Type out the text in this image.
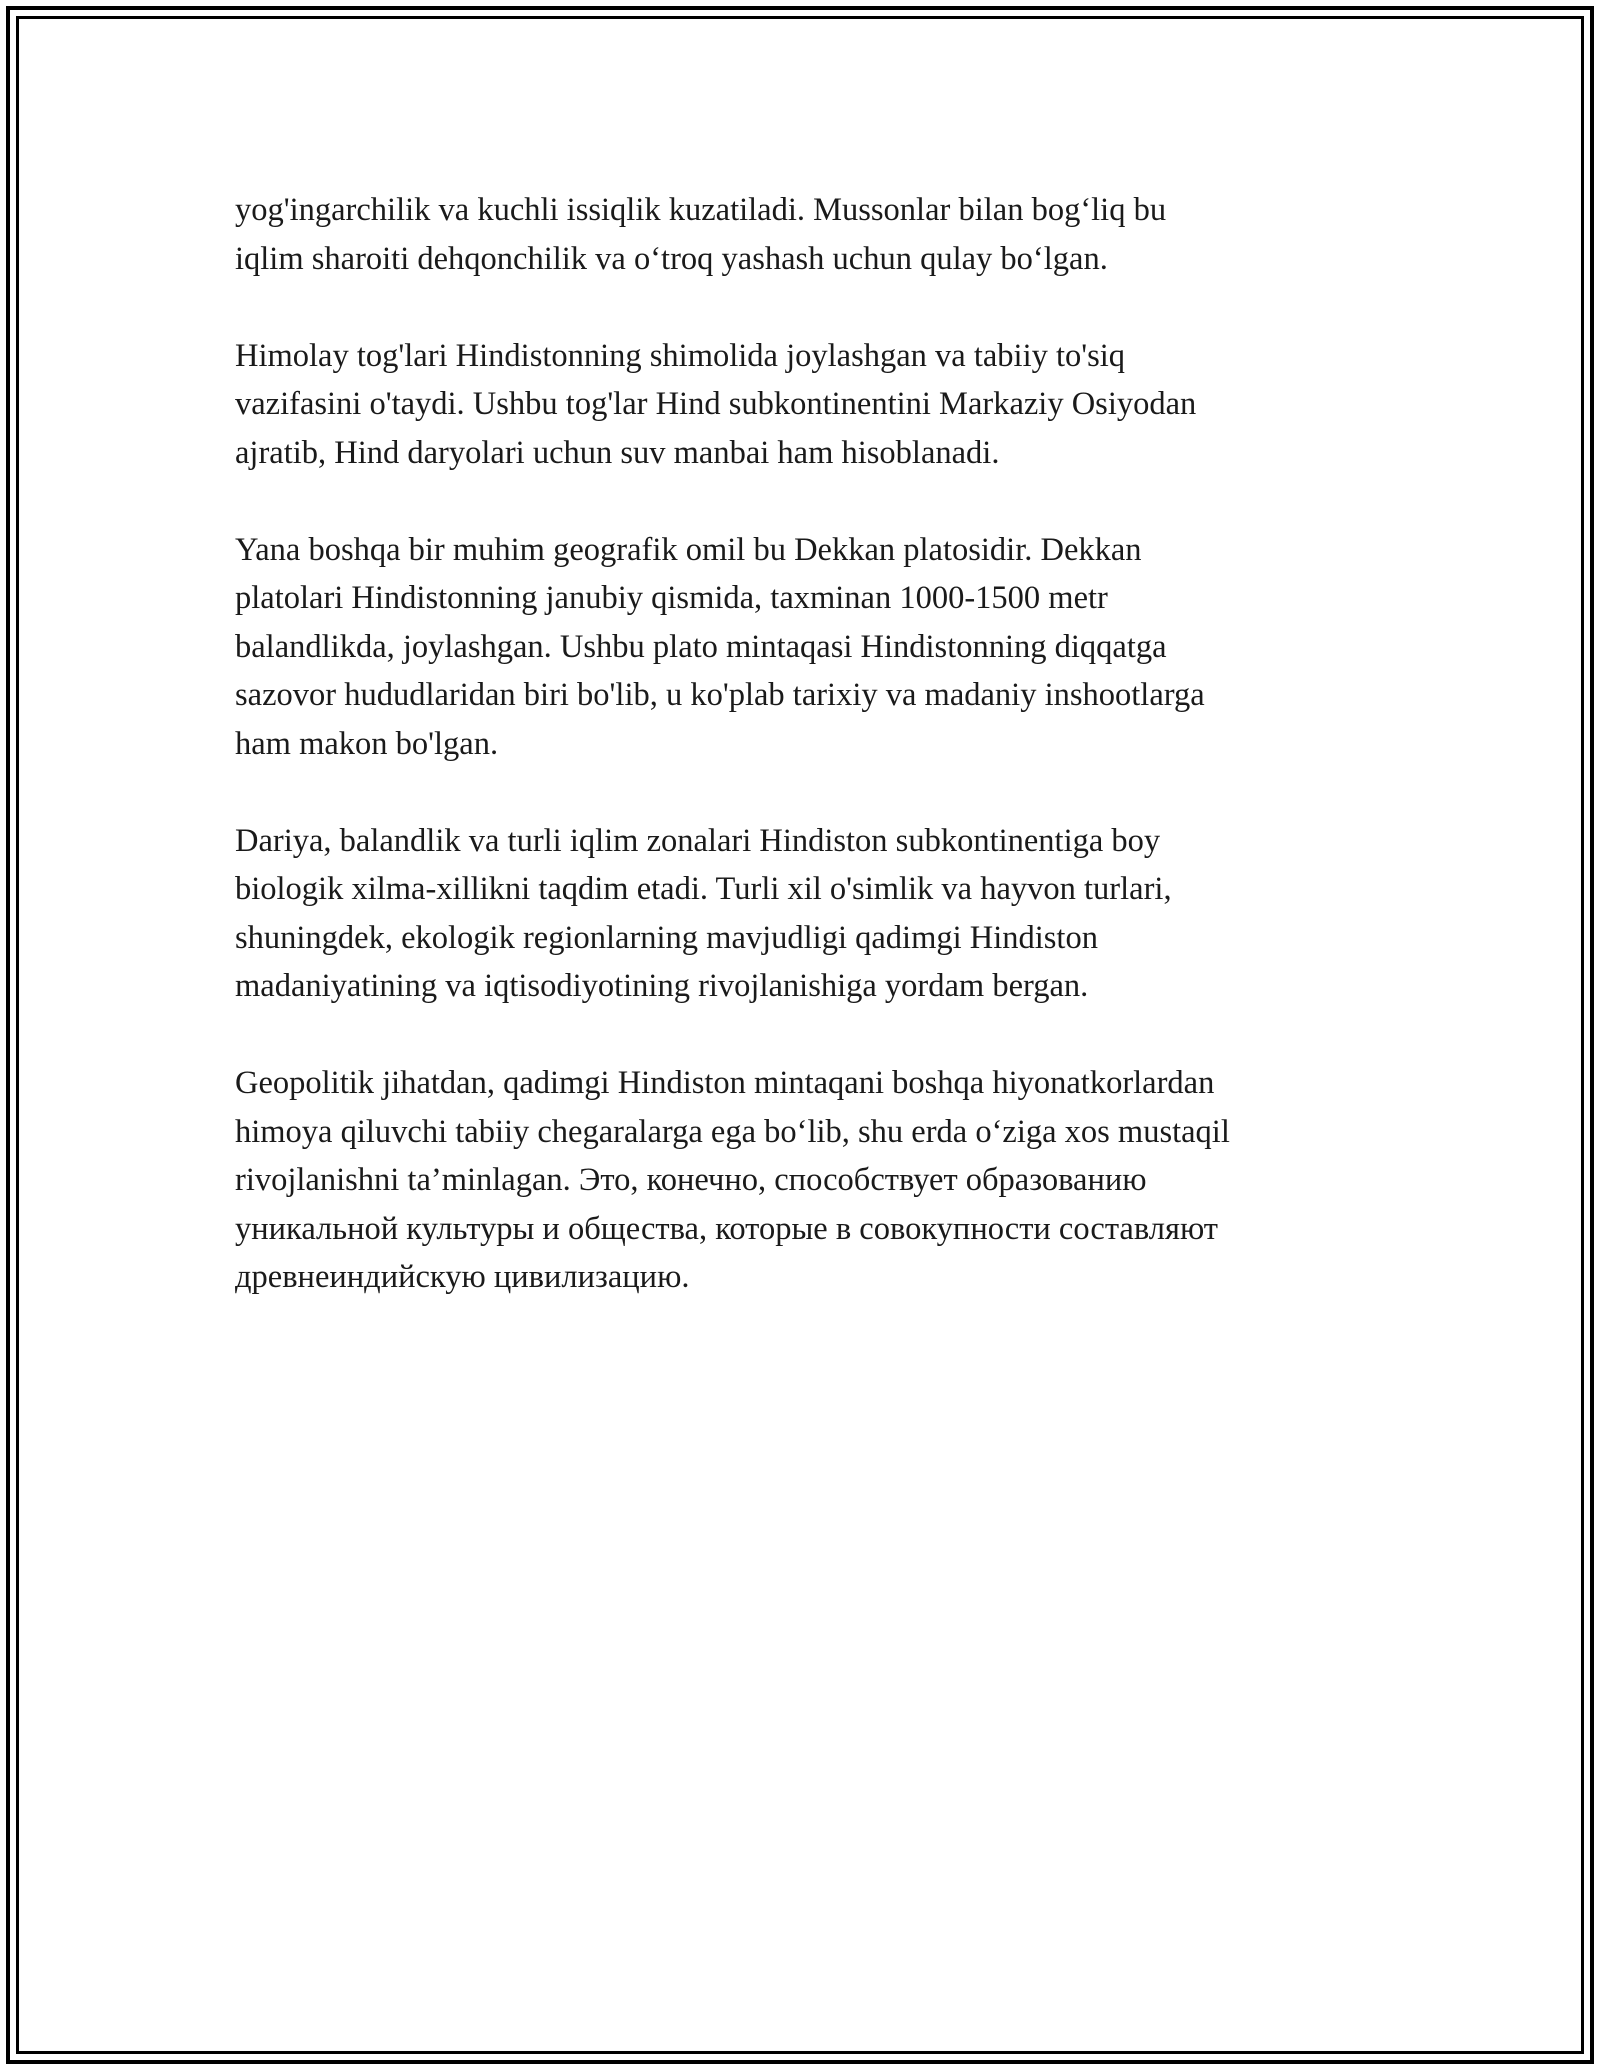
yog'ingarchilik va kuchli issiqlik kuzatiladi. Mussonlar bilan bog‘liq bu
iqlim sharoiti dehqonchilik va o‘troq yashash uchun qulay bo‘lgan.

Himolay tog'lari Hindistonning shimolida joylashgan va tabiiy to'siq
vazifasini o'taydi. Ushbu tog'lar Hind subkontinentini Markaziy Osiyodan
ajratib, Hind daryolari uchun suv manbai ham hisoblanadi.

Yana boshqa bir muhim geografik omil bu Dekkan platosidir. Dekkan
platolari Hindistonning janubiy qismida, taxminan 1000-1500 metr
balandlikda, joylashgan. Ushbu plato mintaqasi Hindistonning diqqatga
sazovor hududlaridan biri bo'lib, u ko'plab tarixiy va madaniy inshootlarga
ham makon bo'lgan.

Dariya, balandlik va turli iqlim zonalari Hindiston subkontinentiga boy
biologik xilma-xillikni taqdim etadi. Turli xil o'simlik va hayvon turlari,
shuningdek, ekologik regionlarning mavjudligi qadimgi Hindiston
madaniyatining va iqtisodiyotining rivojlanishiga yordam bergan.

Geopolitik jihatdan, qadimgi Hindiston mintaqani boshqa hiyonatkorlardan
himoya qiluvchi tabiiy chegaralarga ega bo‘lib, shu erda o‘ziga xos mustaqil
rivojlanishni ta’minlagan. Это, конечно, способствует образованию
уникальной культуры и общества, которые в совокупности составляют
древнеиндийскую цивилизацию.
